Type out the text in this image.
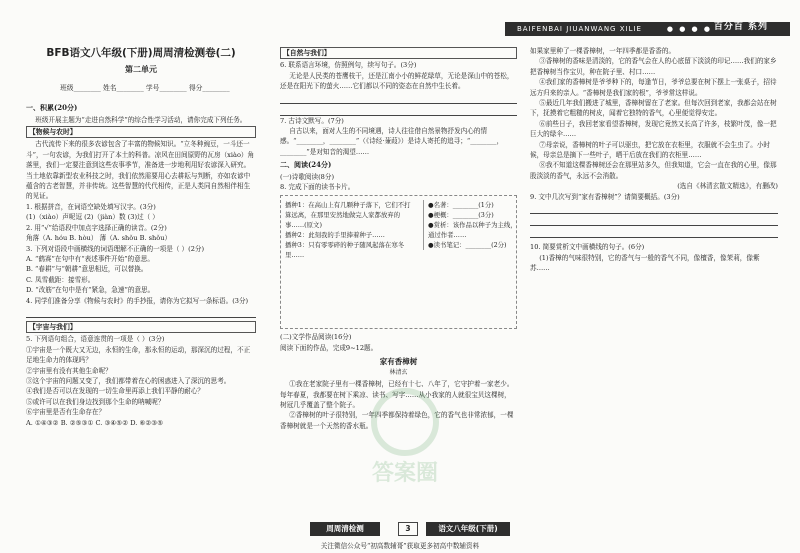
BAIFENBAI JIUANWANG XILIE	● ● ● ● 百分百 系列
BFB语文八年级(下册)周周清检测卷(二)
第二单元
班级________ 姓名________ 学号________ 得分________
一、积累(20分)

班级开展主题为“走进自然科学”的综合性学习活动，请你完成下列任务。

【物候与农时】

古代流传下来的很多农谚包含了丰富的物候知识。“立冬种豌豆，一斗还一斗”，一句农谚，为我们打开了本土的科普。凉风在田间原野的瓦房（xiào）角落里，我们一定要注意到这些农事季节，准备进一步地利用好农谚深入研究。当土地依靠新型农业科技之时，我们依然需要用心去耕耘与判断，亦如农谚中蕴含的古老智慧，并非传统。这些智慧的代代相传，正是人类同自然相伴相生的见证。

1. 根据拼音，在词语空缺处填写汉字。(3分)
(1)（xiào）声呢逗 (2)（jiàn）数 (3)过（ ）
2. 用“√”给语段中加点字选择正确的读音。(2分)
角落（A. hóu B. hòu） 薄（A. shǒu B. shǒu）
3. 下列对语段中画横线的词语理解不正确的一项是（ ）(2分)
A. “鹤赛”在句中有“表述事件开始”的意思。
B. “春耕”与“朝耕”意思相近，可以替换。
C. 凤雪截距：接雪形。
D. “改筋”在句中是有“紧急，急速”的意思。
4. 同学们准备分享《物候与农时》的手抄报，请你为它拟写一条标语。(3分)
【宇宙与我们】
5. 下列语句组合，语意连贯的一项是（ ）(3分)
①宇宙是一个既大又无边，永恒的生命，那永恒的运动，那深沉的过程，不正足地生命力的体现吗？
②宇宙里有没有其他生命呢？
③这个宇宙的问题又变了，我们都带着在心的困惑进入了深沉的思考。
④我们是否可以在发现的一切生命里再添上我们平静的耐心？
⑤或许可以在我们身边找到那个生命的呐喊呢？
⑥宇宙里是否有生命存在？
A. ①④③② B. ②⑤③① C. ③④⑤② D. ⑥②③⑤
【自然与我们】
6. 联系语言环境，仿照例句，续写句子。(3分)

无论是人民类的苍鹰枝干，还是江南小小的鲜花绿草，无论是深山中的苍松，还是在阳光下的萤火……它们都以不同的姿态在自然中生长着。

7. 古诗文默写。(7分)

自古以来，面对人生的不同境遇，诗人往往借自然景物抒发内心的情感。“________，________”（《诗经·蒹葭》）是诗人寄托的追寻；“________，________”是对知音的渴望……

二、阅读(24分)
(一)诗歌阅读(8分)
8. 完成下面的读书卡片。
播种1：在高山上有几颗种子落下，它们不打算远离，在那里安然地做完人家都放弃的事……(原文)
播种2：此刻我的手里捧着种子……
播种3：只有零零碎的种子随风起落在寒冬里……
●名著：________(1分)
●梗概：________(3分)
●赏析：该作品以种子为主线，通过作者……
●读书笔记：________(2分)
(二)文学作品阅读(16分)
阅读下面的作品，完成9~12题。
家有香樟树
林清玄

①我在老家院子里有一棵香樟树，已经有十七、八年了，它守护着一家老少。每年春夏，我都要在树下乘凉、读书、写字……从小我家的人就很宝贝这棵树，树冠几乎覆盖了整个院子。

②香樟树的叶子很特别，一年四季都保持着绿色，它的香气也非常浓郁，一棵香樟树就是一个天然的香水瓶。

如果家里种了一棵香樟树，一年四季都是香香的。

③香樟树的香味是清淡的，它的香气会在人的心底留下淡淡的印记……我们的家乡把香樟树当作宝贝，种在院子里、村口……

④我们家的香樟树是爷爷种下的，每逢节日，爷爷总要在树下摆上一张桌子，招待远方归来的亲人。“香樟树是我们家的根”，爷爷常这样说。

⑤最近几年我们搬进了城里，香樟树留在了老家。但每次回到老家，我都会站在树下，抚摸着它粗糙的树皮，闻着它独特的香气，心里便觉得安定。

⑥前些日子，我回老家看望香樟树，发现它竟然又长高了许多，枝繁叶茂，像一把巨大的绿伞……

⑦母亲说，香樟树的叶子可以驱虫，把它放在衣柜里，衣服就不会生虫了。小时候，母亲总是摘下一些叶子，晒干后放在我们的衣柜里……

⑧我不知道这棵香樟树还会在那里站多久，但我知道，它会一直在我的心里，像那股淡淡的香气，永远不会消散。

(选自《林清玄散文精选》，有删改)
9. 文中几次写到“家有香樟树”？请简要概括。(3分)
10. 简要赏析文中画横线的句子。(6分)

(1)香樟的气味很特别，它的香气与一般的香气不同，像檀香，像茉莉，像紫苏……

答案圈
周周清检测	3	语文八年级(下册)
关注微信公众号“初高数辅哥”获取更多初高中数辅资料
